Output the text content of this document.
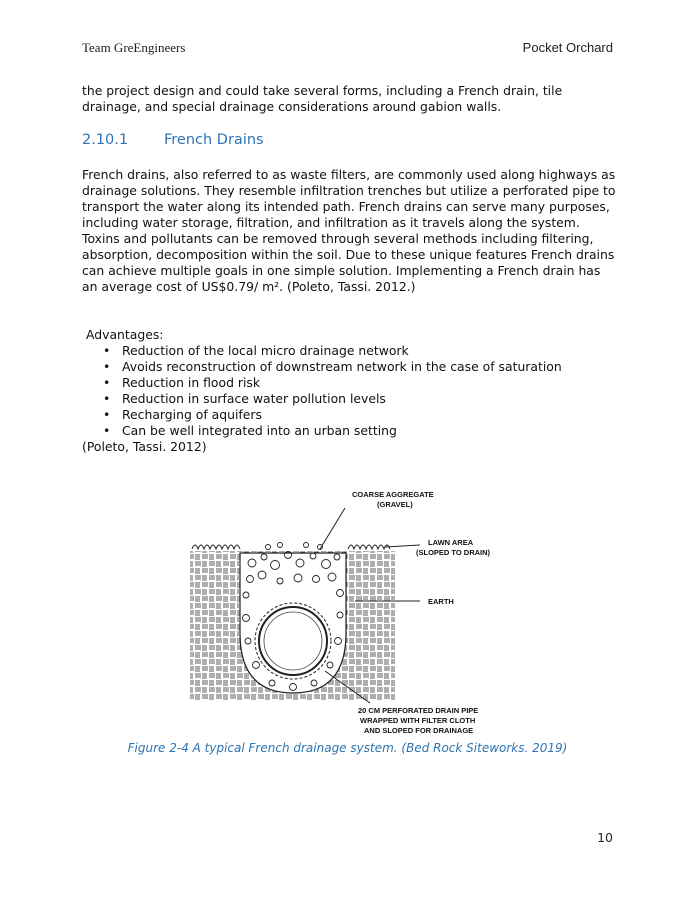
Team GreEngineers	Pocket Orchard
the project design and could take several forms, including a French drain, tile drainage, and special drainage considerations around gabion walls.
2.10.1 French Drains
French drains, also referred to as waste filters, are commonly used along highways as drainage solutions. They resemble infiltration trenches but utilize a perforated pipe to transport the water along its intended path. French drains can serve many purposes, including water storage, filtration, and infiltration as it travels along the system. Toxins and pollutants can be removed through several methods including filtering, absorption, decomposition within the soil. Due to these unique features French drains can achieve multiple goals in one simple solution. Implementing a French drain has an average cost of US$0.79/ m². (Poleto, Tassi. 2012.)
Advantages:
• Reduction of the local micro drainage network
• Avoids reconstruction of downstream network in the case of saturation
• Reduction in flood risk
• Reduction in surface water pollution levels
• Recharging of aquifers
• Can be well integrated into an urban setting
(Poleto, Tassi. 2012)
COARSE AGGREGATE
(GRAVEL)
LAWN AREA
(SLOPED TO DRAIN)
EARTH
20 CM PERFORATED DRAIN PIPE
WRAPPED WITH FILTER CLOTH
AND SLOPED FOR DRAINAGE
Figure 2-4 A typical French drainage system. (Bed Rock Siteworks. 2019)
10
